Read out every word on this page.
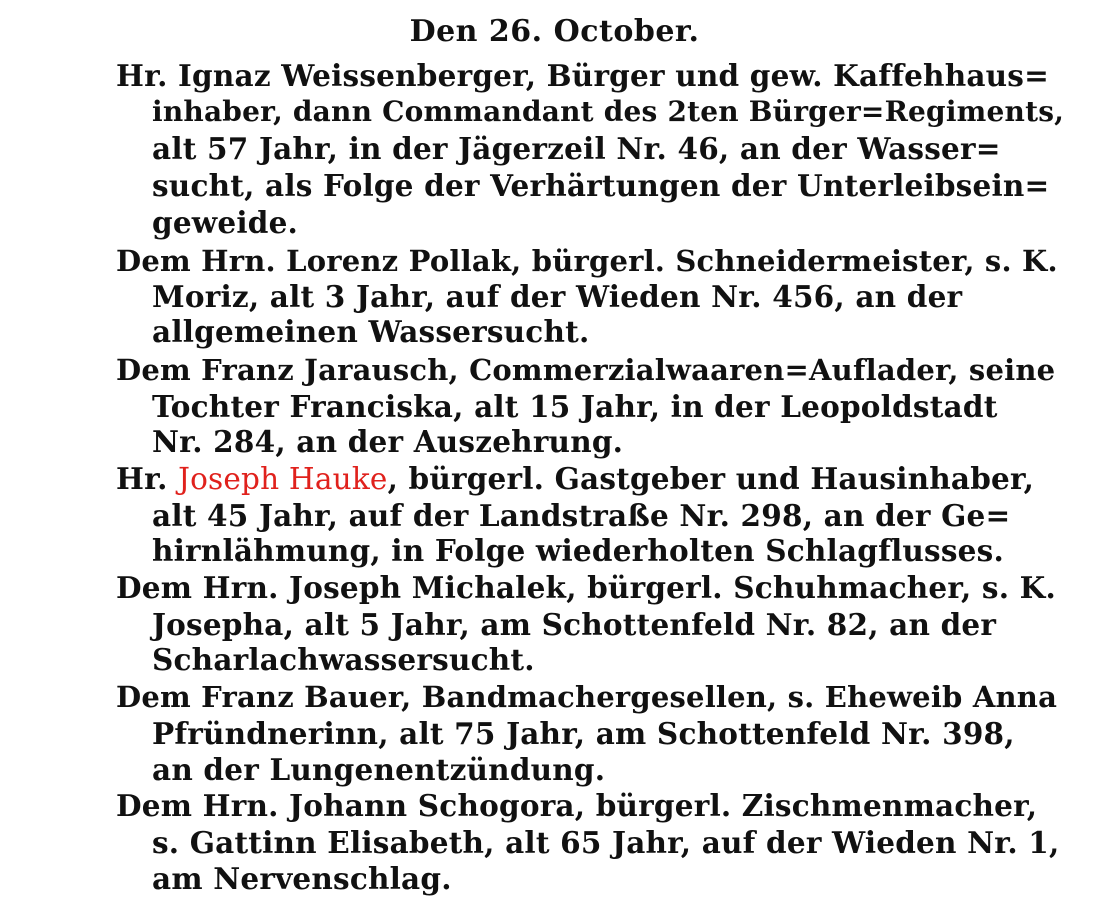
Den 26. October.
Hr. Ignaz Weissenberger, Bürger und gew. Kaffehhaus=
inhaber, dann Commandant des 2ten Bürger=Regiments,
alt 57 Jahr, in der Jägerzeil Nr. 46, an der Wasser=
sucht, als Folge der Verhärtungen der Unterleibsein=
geweide.
Dem Hrn. Lorenz Pollak, bürgerl. Schneidermeister, s. K.
Moriz, alt 3 Jahr, auf der Wieden Nr. 456, an der
allgemeinen Wassersucht.
Dem Franz Jarausch, Commerzialwaaren=Auflader, seine
Tochter Franciska, alt 15 Jahr, in der Leopoldstadt
Nr. 284, an der Auszehrung.
Hr. Joseph Hauke, bürgerl. Gastgeber und Hausinhaber,
alt 45 Jahr, auf der Landstraße Nr. 298, an der Ge=
hirnlähmung, in Folge wiederholten Schlagflusses.
Dem Hrn. Joseph Michalek, bürgerl. Schuhmacher, s. K.
Josepha, alt 5 Jahr, am Schottenfeld Nr. 82, an der
Scharlachwassersucht.
Dem Franz Bauer, Bandmachergesellen, s. Eheweib Anna
Pfründnerinn, alt 75 Jahr, am Schottenfeld Nr. 398,
an der Lungenentzündung.
Dem Hrn. Johann Schogora, bürgerl. Zischmenmacher,
s. Gattinn Elisabeth, alt 65 Jahr, auf der Wieden Nr. 1,
am Nervenschlag.
